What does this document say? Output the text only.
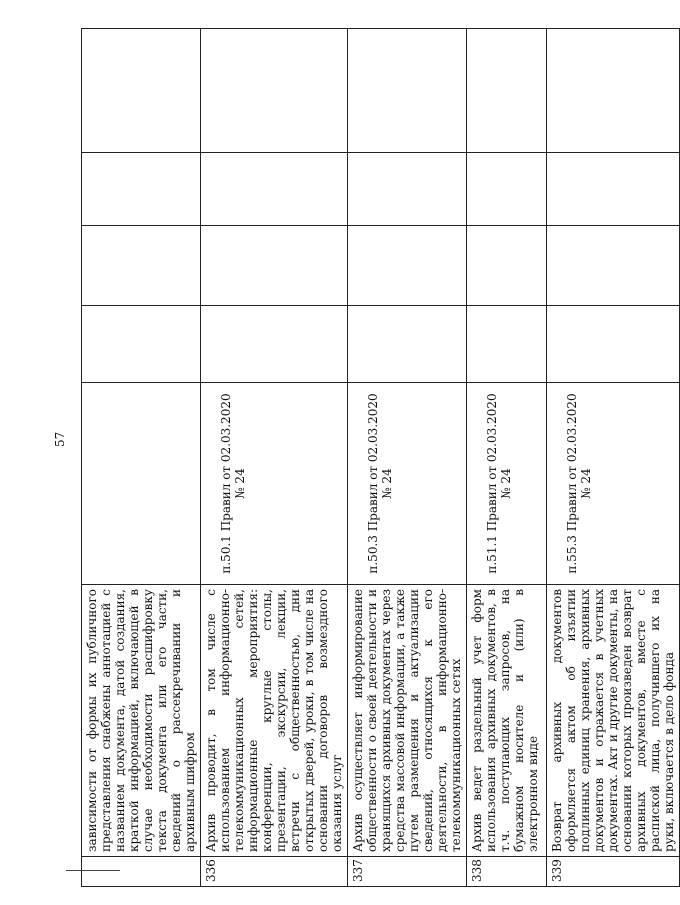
57
	зависимости от формы их публичного представления снабжены аннотацией с названием документа, датой создания, краткой информацией, включающей в случае необходимости расшифровку текста документа или его части, сведений о рассекречивании и архивным шифром					
336	Архив проводит, в том числе с использованием информационно-телекоммуникационных сетей, информационные мероприятия: конференции, круглые столы, презентации, экскурсии, лекции, встречи с общественностью, дни открытых дверей, уроки, в том числе на основании договоров возмездного оказания услуг	п.50.1 Правил от 02.03.2020 № 24				
337	Архив осуществляет информирование общественности о своей деятельности и хранящихся архивных документах через средства массовой информации, а также путем размещения и актуализации сведений, относящихся к его деятельности, в информационно-телекоммуникационных сетях	п.50.3 Правил от 02.03.2020 № 24				
338	Архив ведет раздельный учет форм использования архивных документов, в т.ч. поступающих запросов, на бумажном носителе и (или) в электронном виде	п.51.1 Правил от 02.03.2020 № 24				
339	Возврат архивных документов оформляется актом об изъятии подлинных единиц хранения, архивных документов и отражается в учетных документах. Акт и другие документы, на основании которых произведен возврат архивных документов, вместе с распиской лица, получившего их на руки, включается в дело фонда	п.55.3 Правил от 02.03.2020 № 24				
